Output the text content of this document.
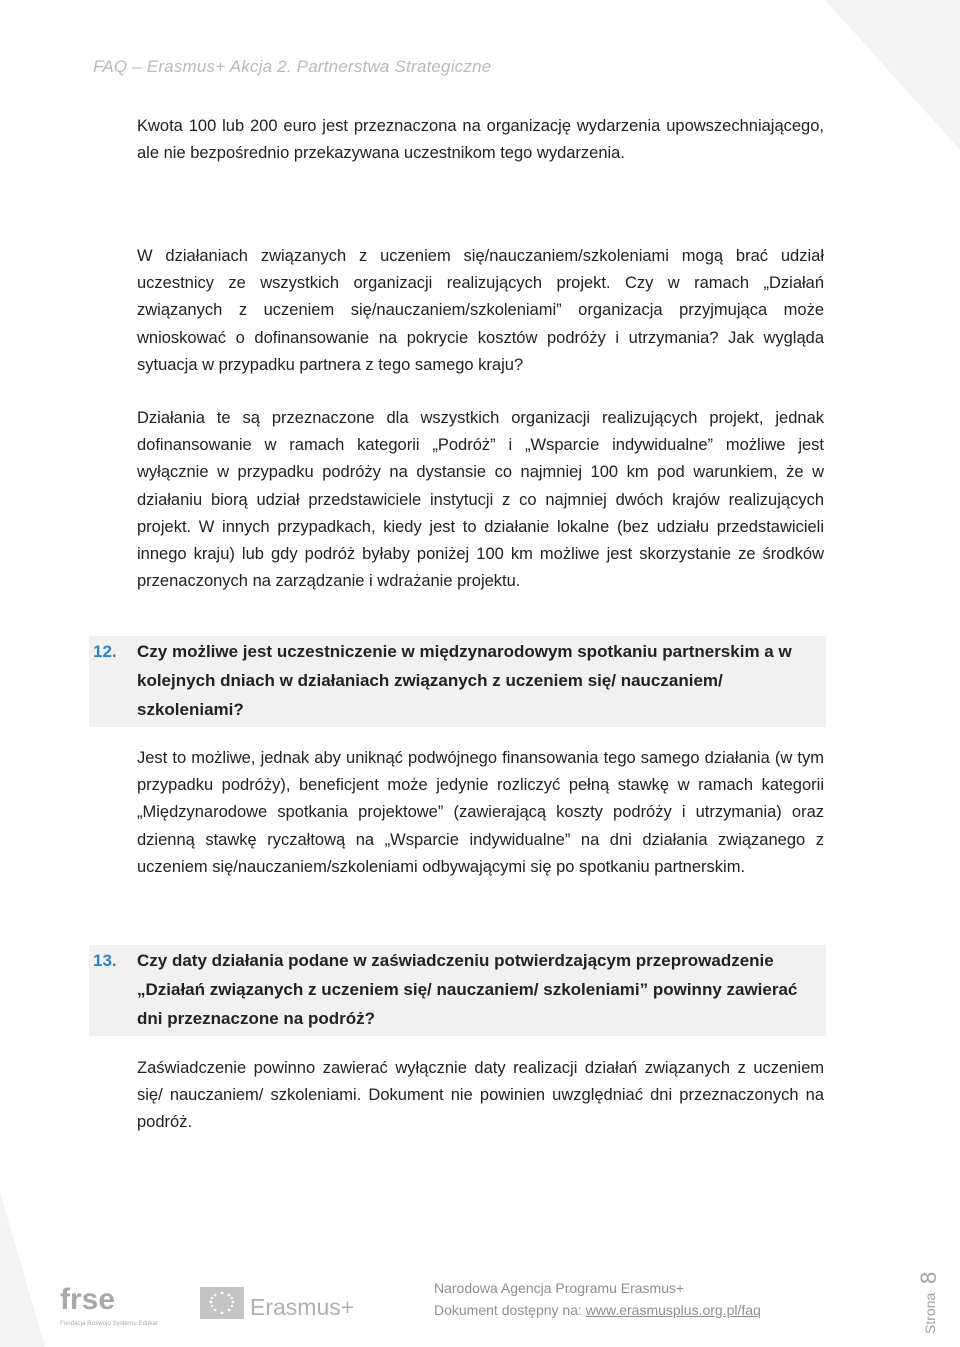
FAQ – Erasmus+ Akcja 2. Partnerstwa Strategiczne

Kwota 100 lub 200 euro jest przeznaczona na organizację wydarzenia upowszechniającego, ale nie bezpośrednio przekazywana uczestnikom tego wydarzenia.

W działaniach związanych z uczeniem się/nauczaniem/szkoleniami mogą brać udział uczestnicy ze wszystkich organizacji realizujących projekt. Czy w ramach „Działań związanych z uczeniem się/nauczaniem/szkoleniami” organizacja przyjmująca może wnioskować o dofinansowanie na pokrycie kosztów podróży i utrzymania? Jak wygląda sytuacja w przypadku partnera z tego samego kraju?

Działania te są przeznaczone dla wszystkich organizacji realizujących projekt, jednak dofinansowanie w ramach kategorii „Podróż” i „Wsparcie indywidualne” możliwe jest wyłącznie w przypadku podróży na dystansie co najmniej 100 km pod warunkiem, że w działaniu biorą udział przedstawiciele instytucji z co najmniej dwóch krajów realizujących projekt. W innych przypadkach, kiedy jest to działanie lokalne (bez udziału przedstawicieli innego kraju) lub gdy podróż byłaby poniżej 100 km możliwe jest skorzystanie ze środków przenaczonych na zarządzanie i wdrażanie projektu.

12. Czy możliwe jest uczestniczenie w międzynarodowym spotkaniu partnerskim a w kolejnych dniach w działaniach związanych z uczeniem się/ nauczaniem/ szkoleniami?

Jest to możliwe, jednak aby uniknąć podwójnego finansowania tego samego działania (w tym przypadku podróży), beneficjent może jedynie rozliczyć pełną stawkę w ramach kategorii „Międzynarodowe spotkania projektowe” (zawierającą koszty podróży i utrzymania) oraz dzienną stawkę ryczałtową na „Wsparcie indywidualne” na dni działania związanego z uczeniem się/nauczaniem/szkoleniami odbywającymi się po spotkaniu partnerskim.

13. Czy daty działania podane w zaświadczeniu potwierdzającym przeprowadzenie „Działań związanych z uczeniem się/ nauczaniem/ szkoleniami” powinny zawierać dni przeznaczone na podróż?

Zaświadczenie powinno zawierać wyłącznie daty realizacji działań związanych z uczeniem się/ nauczaniem/ szkoleniami. Dokument nie powinien uwzględniać dni przeznaczonych na podróż.

frse
Fundacja Rozwoju Systemu Edukacji
Erasmus+
Narodowa Agencja Programu Erasmus+
Dokument dostępny na: www.erasmusplus.org.pl/faq	Strona
8
